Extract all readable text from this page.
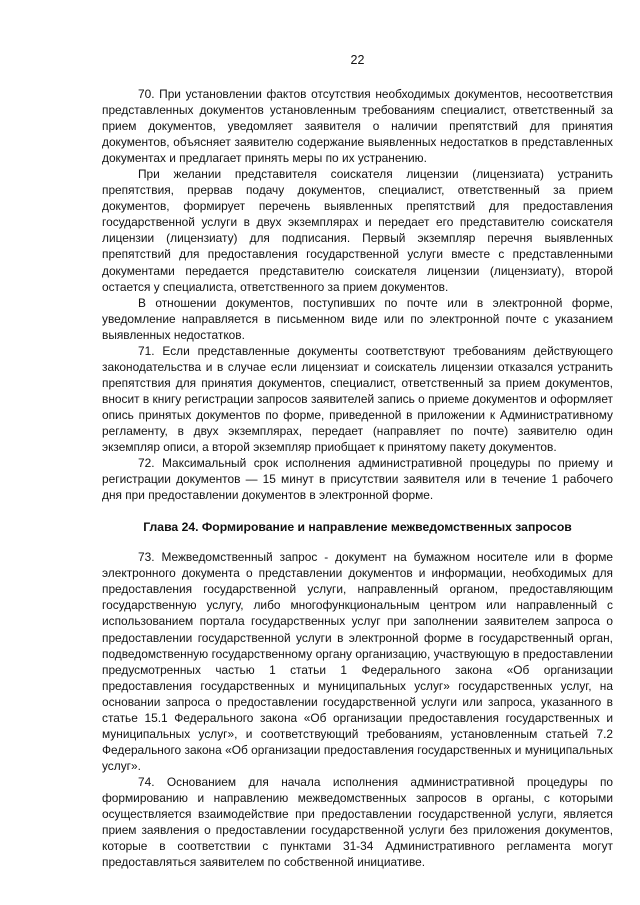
22

70. При установлении фактов отсутствия необходимых документов, несоответствия представленных документов установленным требованиям специалист, ответственный за прием документов, уведомляет заявителя о наличии препятствий для принятия документов, объясняет заявителю содержание выявленных недостатков в представленных документах и предлагает принять меры по их устранению.

При желании представителя соискателя лицензии (лицензиата) устранить препятствия, прервав подачу документов, специалист, ответственный за прием документов, формирует перечень выявленных препятствий для предоставления государственной услуги в двух экземплярах и передает его представителю соискателя лицензии (лицензиату) для подписания. Первый экземпляр перечня выявленных препятствий для предоставления государственной услуги вместе с представленными документами передается представителю соискателя лицензии (лицензиату), второй остается у специалиста, ответственного за прием документов.

В отношении документов, поступивших по почте или в электронной форме, уведомление направляется в письменном виде или по электронной почте с указанием выявленных недостатков.

71. Если представленные документы соответствуют требованиям действующего законодательства и в случае если лицензиат и соискатель лицензии отказался устранить препятствия для принятия документов, специалист, ответственный за прием документов, вносит в книгу регистрации запросов заявителей запись о приеме документов и оформляет опись принятых документов по форме, приведенной в приложении к Административному регламенту, в двух экземплярах, передает (направляет по почте) заявителю один экземпляр описи, а второй экземпляр приобщает к принятому пакету документов.

72. Максимальный срок исполнения административной процедуры по приему и регистрации документов — 15 минут в присутствии заявителя или в течение 1 рабочего дня при предоставлении документов в электронной форме.

Глава 24. Формирование и направление межведомственных запросов

73. Межведомственный запрос - документ на бумажном носителе или в форме электронного документа о представлении документов и информации, необходимых для предоставления государственной услуги, направленный органом, предоставляющим государственную услугу, либо многофункциональным центром или направленный с использованием портала государственных услуг при заполнении заявителем запроса о предоставлении государственной услуги в электронной форме в государственный орган, подведомственную государственному органу организацию, участвующую в предоставлении предусмотренных частью 1 статьи 1 Федерального закона «Об организации предоставления государственных и муниципальных услуг» государственных услуг, на основании запроса о предоставлении государственной услуги или запроса, указанного в статье 15.1 Федерального закона «Об организации предоставления государственных и муниципальных услуг», и соответствующий требованиям, установленным статьей 7.2 Федерального закона «Об организации предоставления государственных и муниципальных услуг».

74. Основанием для начала исполнения административной процедуры по формированию и направлению межведомственных запросов в органы, с которыми осуществляется взаимодействие при предоставлении государственной услуги, является прием заявления о предоставлении государственной услуги без приложения документов, которые в соответствии с пунктами 31-34 Административного регламента могут предоставляться заявителем по собственной инициативе.
